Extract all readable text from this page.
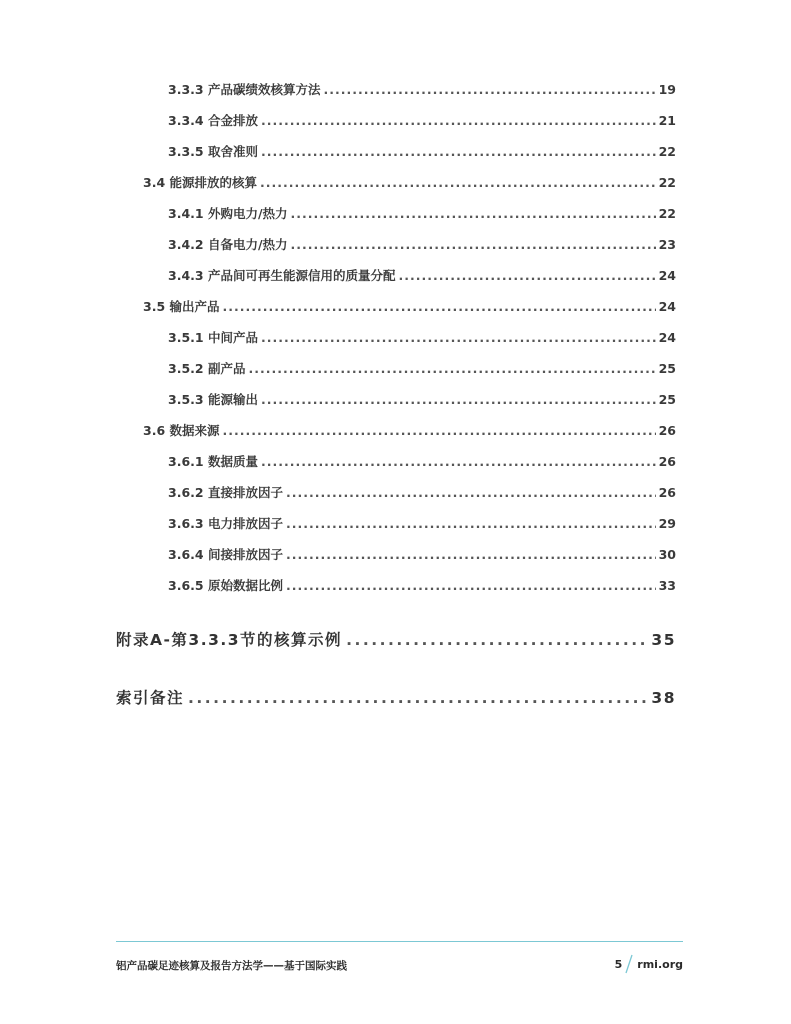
3.3.3 产品碳绩效核算方法 .....	19
3.3.4 合金排放 .....	21
3.3.5 取舍准则 .....	22
3.4 能源排放的核算 .....	22
3.4.1 外购电力/热力 .....	22
3.4.2 自备电力/热力 .....	23
3.4.3 产品间可再生能源信用的质量分配 .....	24
3.5 输出产品 .....	24
3.5.1 中间产品 .....	24
3.5.2 副产品 .....	25
3.5.3 能源输出 .....	25
3.6 数据来源 .....	26
3.6.1 数据质量 .....	26
3.6.2 直接排放因子 .....	26
3.6.3 电力排放因子 .....	29
3.6.4 间接排放因子 .....	30
3.6.5 原始数据比例 .....	33
附录A-第3.3.3节的核算示例 .....	35
索引备注 .....	38
铝产品碳足迹核算及报告方法学——基于国际实践	5 rmi.org
